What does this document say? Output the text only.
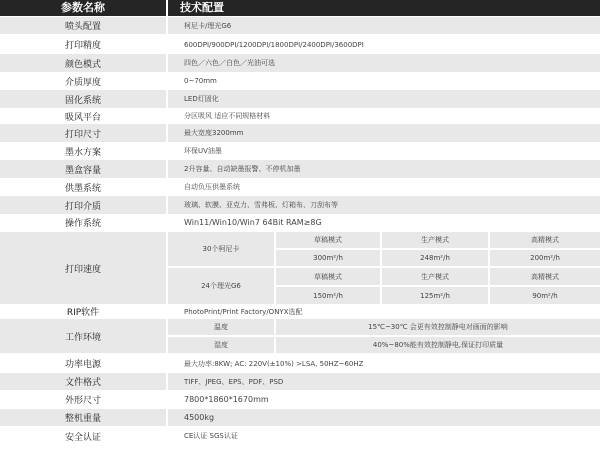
参数名称	技术配置
喷头配置	柯尼卡/理光G6
打印精度	600DPI/900DPI/1200DPI/1800DPI/2400DPI/3600DPI
颜色模式	四色／六色／白色／光油可选
介质厚度	0~70mm
固化系统	LED灯固化
吸风平台	分区吸风 适应不同规格材料
打印尺寸	最大宽度3200mm
墨水方案	环保UV油墨
墨盒容量	2升容量、自动缺墨报警、不停机加墨
供墨系统	自动负压供墨系统
打印介质	玻璃、软膜、亚克力、雪弗板、灯箱布、刀刮布等
操作系统	Win11/Win10/Win7 64Bit RAM≥8G
打印速度
30个柯尼卡
草稿模式	生产模式	高精模式
300m²/h	248m²/h	200m²/h
24个理光G6
草稿模式	生产模式	高精模式
150m²/h	125m²/h	90m²/h
RIP软件	PhotoPrint/Print Factory/ONYX选配
工作环境
温度	15℃~30℃ 会更有效控制静电对画面的影响
湿度	40%~80%能有效控制静电,保证打印质量
功率电源	最大功率:8KW; AC: 220V(±10%) >LSA, 50HZ~60HZ
文件格式	TIFF、JPEG、EPS、PDF、PSD
外形尺寸	7800*1860*1670mm
整机重量	4500kg
安全认证	CE认证 SGS认证
